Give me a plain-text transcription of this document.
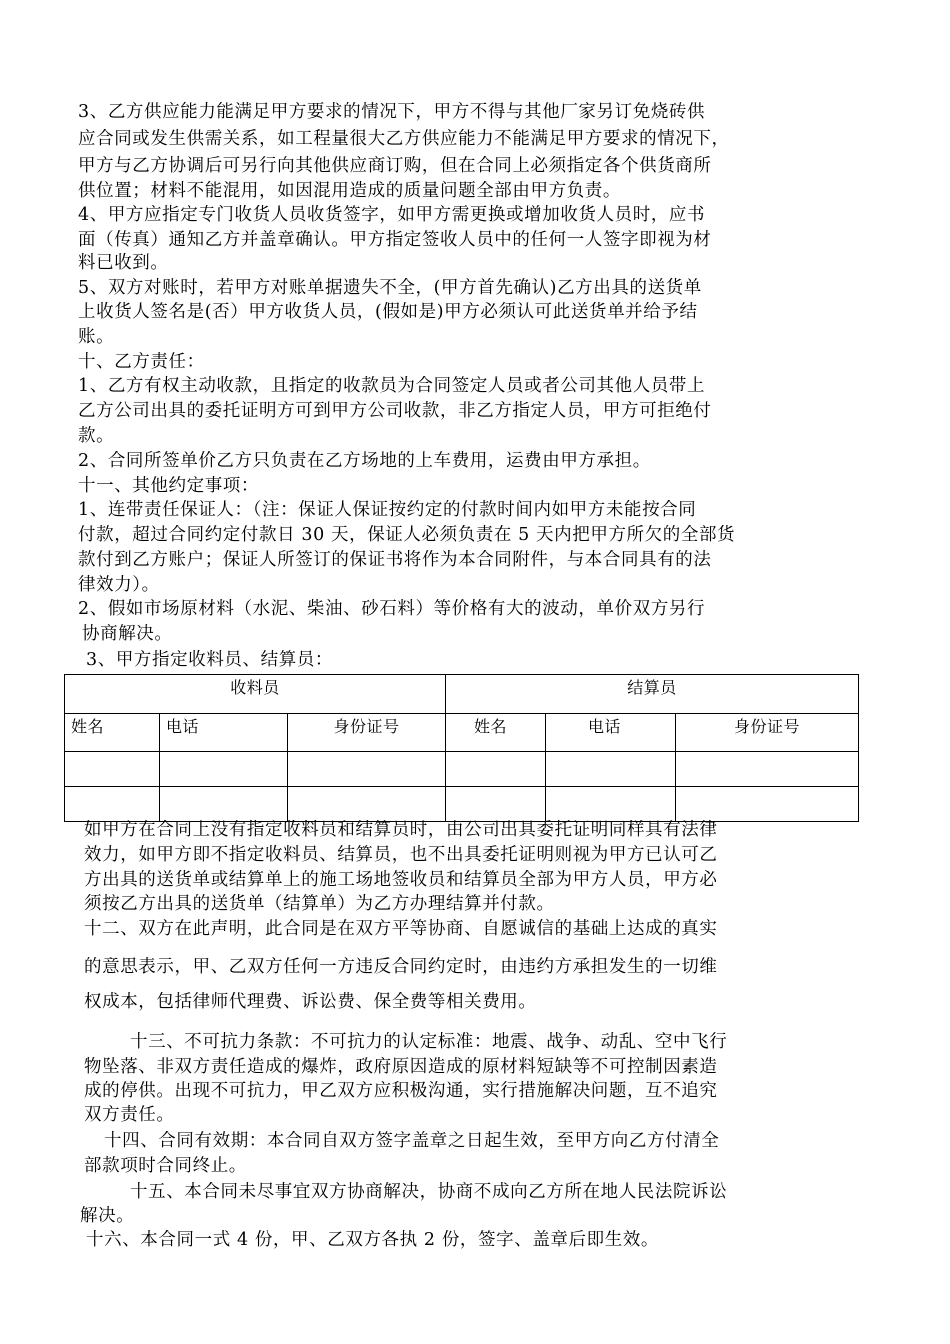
3、乙方供应能力能满足甲方要求的情况下，甲方不得与其他厂家另订免烧砖供
应合同或发生供需关系，如工程量很大乙方供应能力不能满足甲方要求的情况下，
甲方与乙方协调后可另行向其他供应商订购，但在合同上必须指定各个供货商所
供位置；材料不能混用，如因混用造成的质量问题全部由甲方负责。
4、甲方应指定专门收货人员收货签字，如甲方需更换或增加收货人员时，应书
面（传真）通知乙方并盖章确认。甲方指定签收人员中的任何一人签字即视为材
料已收到。
5、双方对账时，若甲方对账单据遗失不全，(甲方首先确认)乙方出具的送货单
上收货人签名是(否）甲方收货人员，(假如是)甲方必须认可此送货单并给予结
账。
十、乙方责任：
1、乙方有权主动收款，且指定的收款员为合同签定人员或者公司其他人员带上
乙方公司出具的委托证明方可到甲方公司收款，非乙方指定人员，甲方可拒绝付
款。
2、合同所签单价乙方只负责在乙方场地的上车费用，运费由甲方承担。
十一、其他约定事项：
1、连带责任保证人：（注：保证人保证按约定的付款时间内如甲方未能按合同
付款，超过合同约定付款日 30 天，保证人必须负责在 5 天内把甲方所欠的全部货
款付到乙方账户；保证人所签订的保证书将作为本合同附件，与本合同具有的法
律效力）。
2、假如市场原材料（水泥、柴油、砂石料）等价格有大的波动，单价双方另行
协商解决。
3、甲方指定收料员、结算员：
收料员			结算员		
姓名	电话	身份证号	姓名	电话	身份证号

如甲方在合同上没有指定收料员和结算员时，由公司出具委托证明同样具有法律
效力，如甲方即不指定收料员、结算员，也不出具委托证明则视为甲方已认可乙
方出具的送货单或结算单上的施工场地签收员和结算员全部为甲方人员，甲方必
须按乙方出具的送货单（结算单）为乙方办理结算并付款。
十二、双方在此声明，此合同是在双方平等协商、自愿诚信的基础上达成的真实
的意思表示，甲、乙双方任何一方违反合同约定时，由违约方承担发生的一切维
权成本，包括律师代理费、诉讼费、保全费等相关费用。
十三、不可抗力条款：不可抗力的认定标准：地震、战争、动乱、空中飞行
物坠落、非双方责任造成的爆炸，政府原因造成的原材料短缺等不可控制因素造
成的停供。出现不可抗力，甲乙双方应积极沟通，实行措施解决问题，互不追究
双方责任。
十四、合同有效期：本合同自双方签字盖章之日起生效，至甲方向乙方付清全
部款项时合同终止。
十五、本合同未尽事宜双方协商解决，协商不成向乙方所在地人民法院诉讼
解决。
十六、本合同一式 4 份，甲、乙双方各执 2 份，签字、盖章后即生效。
